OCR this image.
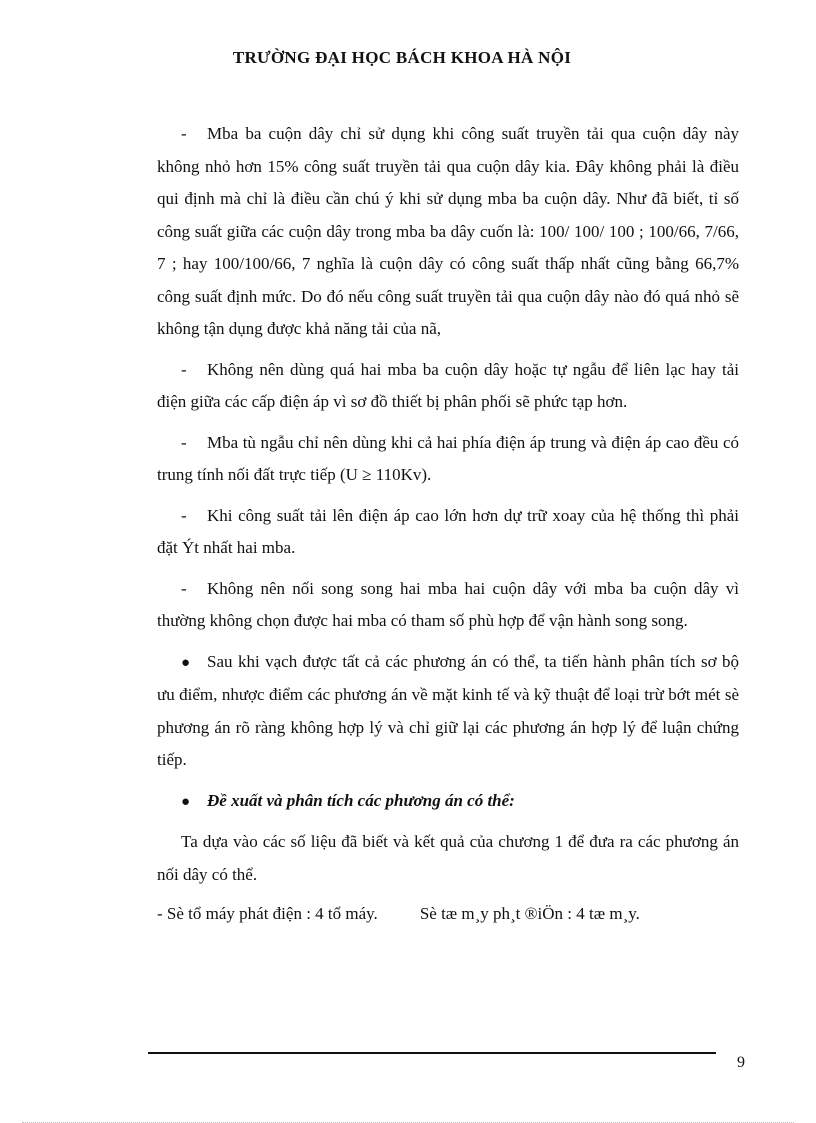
TRƯỜNG ĐẠI HỌC BÁCH KHOA HÀ NỘI

- Mba ba cuộn dây chỉ sử dụng khi công suất truyền tải qua cuộn dây này không nhỏ hơn 15% công suất truyền tải qua cuộn dây kia. Đây không phải là điều qui định mà chỉ là điều cần chú ý khi sử dụng mba ba cuộn dây. Như đã biết, tỉ số công suất giữa các cuộn dây trong mba ba dây cuốn là: 100/ 100/ 100 ; 100/66, 7/66, 7 ; hay 100/100/66, 7 nghĩa là cuộn dây có công suất thấp nhất cũng bằng 66,7% công suất định mức. Do đó nếu công suất truyền tải qua cuộn dây nào đó quá nhỏ sẽ không tận dụng được khả năng tải của nã,

- Không nên dùng quá hai mba ba cuộn dây hoặc tự ngẫu để liên lạc hay tải điện giữa các cấp điện áp vì sơ đồ thiết bị phân phối sẽ phức tạp hơn.

- Mba tù ngẫu chỉ nên dùng khi cả hai phía điện áp trung và điện áp cao đều có trung tính nối đất trực tiếp (U ≥ 110Kv).

- Khi công suất tải lên điện áp cao lớn hơn dự trữ xoay của hệ thống thì phải đặt Ýt nhất hai mba.

- Không nên nối song song hai mba hai cuộn dây với mba ba cuộn dây vì thường không chọn được hai mba có tham số phù hợp để vận hành song song.

● Sau khi vạch được tất cả các phương án có thể, ta tiến hành phân tích sơ bộ ưu điểm, nhược điểm các phương án về mặt kinh tế và kỹ thuật để loại trừ bớt mét sè phương án rõ ràng không hợp lý và chỉ giữ lại các phương án hợp lý để luận chứng tiếp.

● Đề xuất và phân tích các phương án có thể:

Ta dựa vào các số liệu đã biết và kết quả của chương 1 để đưa ra các phương án nối dây có thể.

- Sè tổ máy phát điện : 4 tổ máy. Sè tæ m¸y ph¸t ®iÖn : 4 tæ m¸y.

9
